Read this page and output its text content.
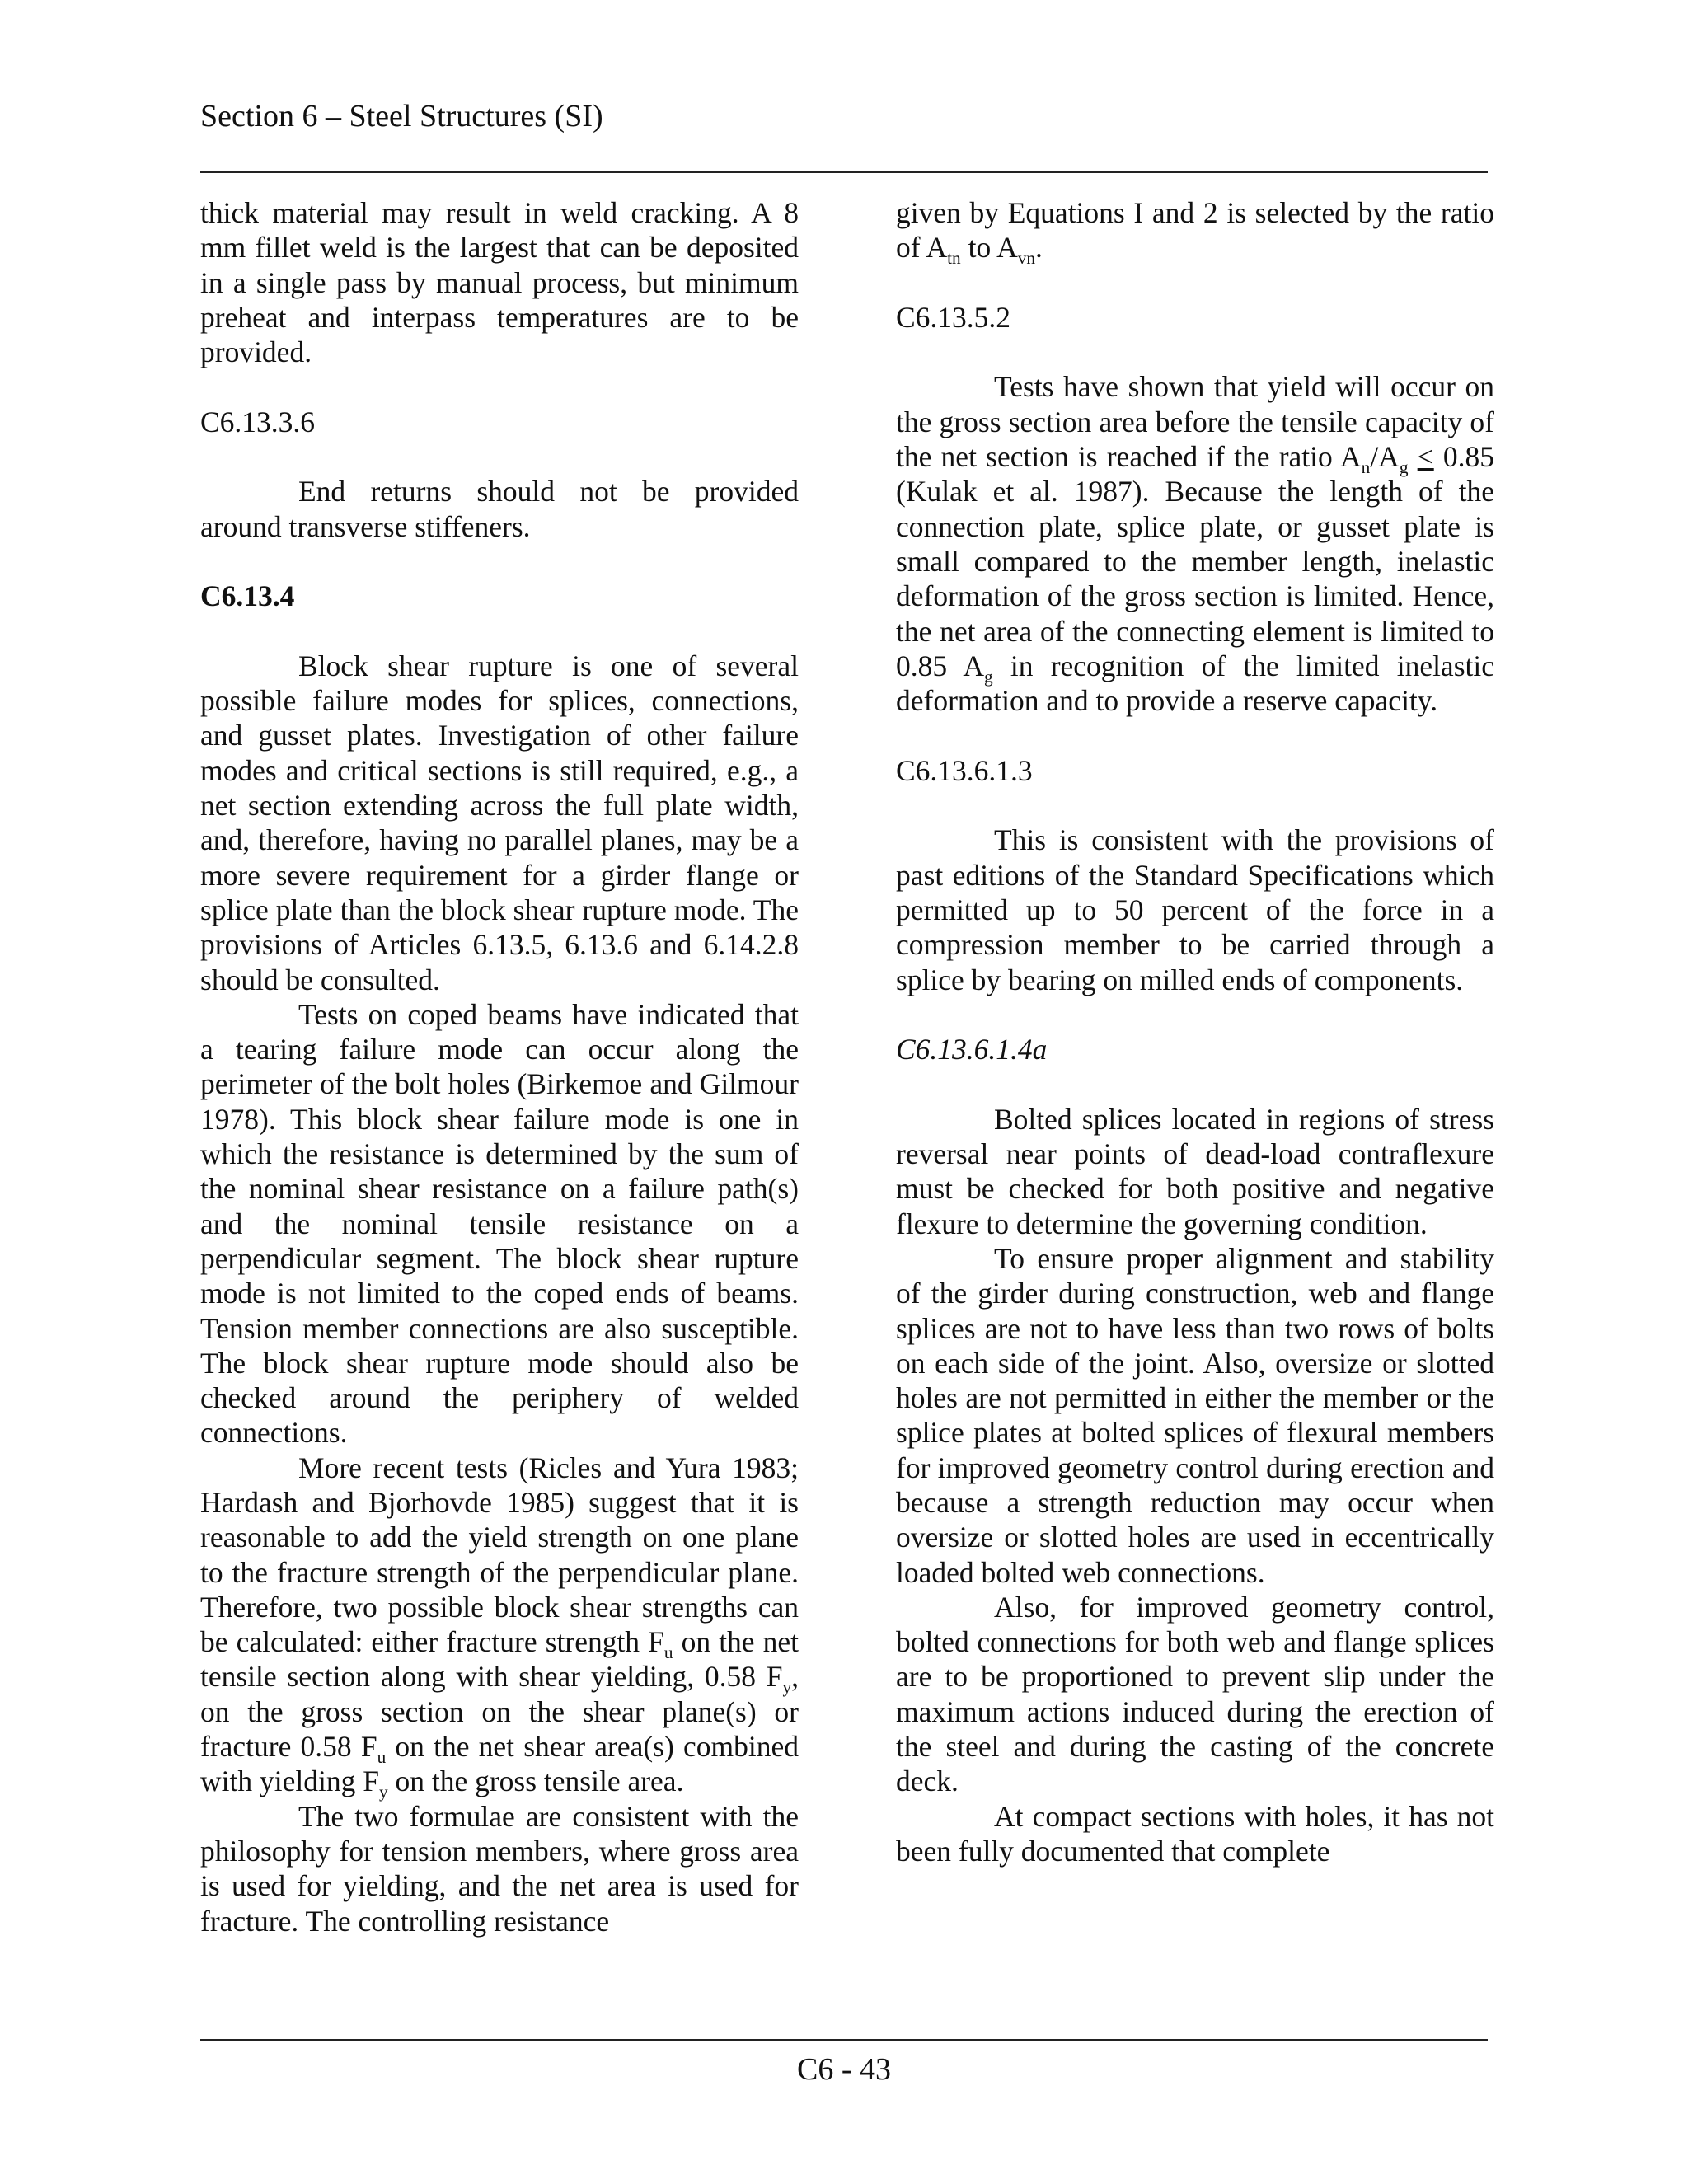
Section 6 – Steel Structures (SI)

thick material may result in weld cracking. A 8 mm fillet weld is the largest that can be deposited in a single pass by manual process, but minimum preheat and interpass temperatures are to be provided.

C6.13.3.6

End returns should not be provided around transverse stiffeners.

C6.13.4

Block shear rupture is one of several possible failure modes for splices, connections, and gusset plates. Investigation of other failure modes and critical sections is still required, e.g., a net section extending across the full plate width, and, therefore, having no parallel planes, may be a more severe requirement for a girder flange or splice plate than the block shear rupture mode. The provisions of Articles 6.13.5, 6.13.6 and 6.14.2.8 should be consulted.

Tests on coped beams have indicated that a tearing failure mode can occur along the perimeter of the bolt holes (Birkemoe and Gilmour 1978). This block shear failure mode is one in which the resistance is determined by the sum of the nominal shear resistance on a failure path(s) and the nominal tensile resistance on a perpendicular segment. The block shear rupture mode is not limited to the coped ends of beams. Tension member connections are also susceptible. The block shear rupture mode should also be checked around the periphery of welded connections.

More recent tests (Ricles and Yura 1983; Hardash and Bjorhovde 1985) suggest that it is reasonable to add the yield strength on one plane to the fracture strength of the perpendicular plane. Therefore, two possible block shear strengths can be calculated: either fracture strength $F_u$ on the net tensile section along with shear yielding, 0.58 $F_y$, on the gross section on the shear plane(s) or fracture 0.58 $F_u$ on the net shear area(s) combined with yielding $F_y$ on the gross tensile area.

The two formulae are consistent with the philosophy for tension members, where gross area is used for yielding, and the net area is used for fracture. The controlling resistance

given by Equations I and 2 is selected by the ratio of $A_{tn}$ to $A_{vn}$.

C6.13.5.2

Tests have shown that yield will occur on the gross section area before the tensile capacity of the net section is reached if the ratio $A_n/A_g < 0.85$ (Kulak et al. 1987). Because the length of the connection plate, splice plate, or gusset plate is small compared to the member length, inelastic deformation of the gross section is limited. Hence, the net area of the connecting element is limited to 0.85 $A_g$ in recognition of the limited inelastic deformation and to provide a reserve capacity.

C6.13.6.1.3

This is consistent with the provisions of past editions of the Standard Specifications which permitted up to 50 percent of the force in a compression member to be carried through a splice by bearing on milled ends of components.

C6.13.6.1.4a

Bolted splices located in regions of stress reversal near points of dead-load contraflexure must be checked for both positive and negative flexure to determine the governing condition.

To ensure proper alignment and stability of the girder during construction, web and flange splices are not to have less than two rows of bolts on each side of the joint. Also, oversize or slotted holes are not permitted in either the member or the splice plates at bolted splices of flexural members for improved geometry control during erection and because a strength reduction may occur when oversize or slotted holes are used in eccentrically loaded bolted web connections.

Also, for improved geometry control, bolted connections for both web and flange splices are to be proportioned to prevent slip under the maximum actions induced during the erection of the steel and during the casting of the concrete deck.

At compact sections with holes, it has not been fully documented that complete

C6 - 43
